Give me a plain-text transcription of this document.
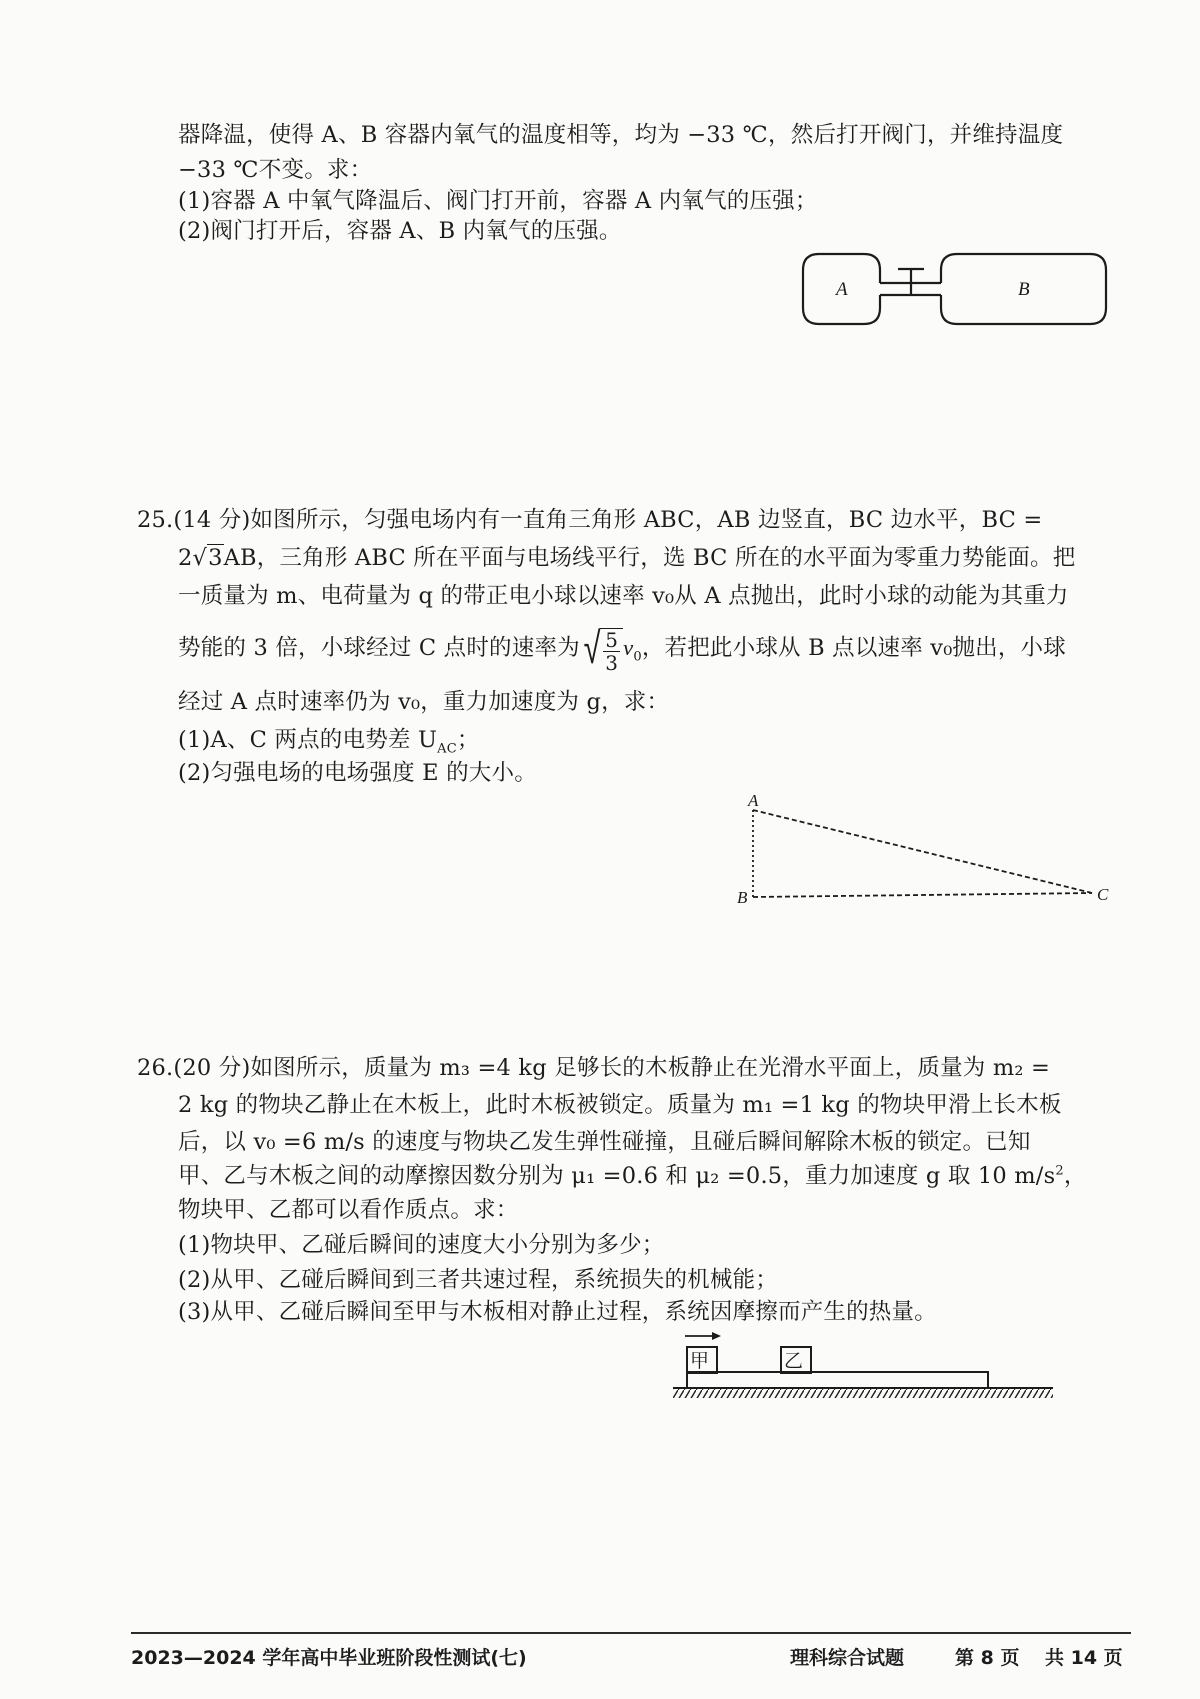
器降温，使得 A、B 容器内氧气的温度相等，均为 −33 ℃，然后打开阀门，并维持温度
−33 ℃不变。求：
(1)容器 A 中氧气降温后、阀门打开前，容器 A 内氧气的压强；
(2)阀门打开后，容器 A、B 内氧气的压强。
A	B
25.(14 分)如图所示，匀强电场内有一直角三角形 ABC，AB 边竖直，BC 边水平，BC =
2√3AB，三角形 ABC 所在平面与电场线平行，选 BC 所在的水平面为零重力势能面。把
一质量为 m、电荷量为 q 的带正电小球以速率 v₀从 A 点抛出，此时小球的动能为其重力
势能的 3 倍，小球经过 C 点时的速率为 √ $\frac{5}{3} v_0$，若把此小球从 B 点以速率 v₀抛出，小球
经过 A 点时速率仍为 v₀，重力加速度为 g，求：
(1)A、C 两点的电势差 $U_{AC}$；
(2)匀强电场的电场强度 E 的大小。
A
B	C
26.(20 分)如图所示，质量为 m₃ =4 kg 足够长的木板静止在光滑水平面上，质量为 m₂ =
2 kg 的物块乙静止在木板上，此时木板被锁定。质量为 m₁ =1 kg 的物块甲滑上长木板
后，以 v₀ =6 m/s 的速度与物块乙发生弹性碰撞，且碰后瞬间解除木板的锁定。已知
甲、乙与木板之间的动摩擦因数分别为 μ₁ =0.6 和 μ₂ =0.5，重力加速度 g 取 10 $m/s^2$，
物块甲、乙都可以看作质点。求：
(1)物块甲、乙碰后瞬间的速度大小分别为多少；
(2)从甲、乙碰后瞬间到三者共速过程，系统损失的机械能；
(3)从甲、乙碰后瞬间至甲与木板相对静止过程，系统因摩擦而产生的热量。
甲	乙
2023—2024 学年高中毕业班阶段性测试(七)	理科综合试题	第 8 页 共 14 页
